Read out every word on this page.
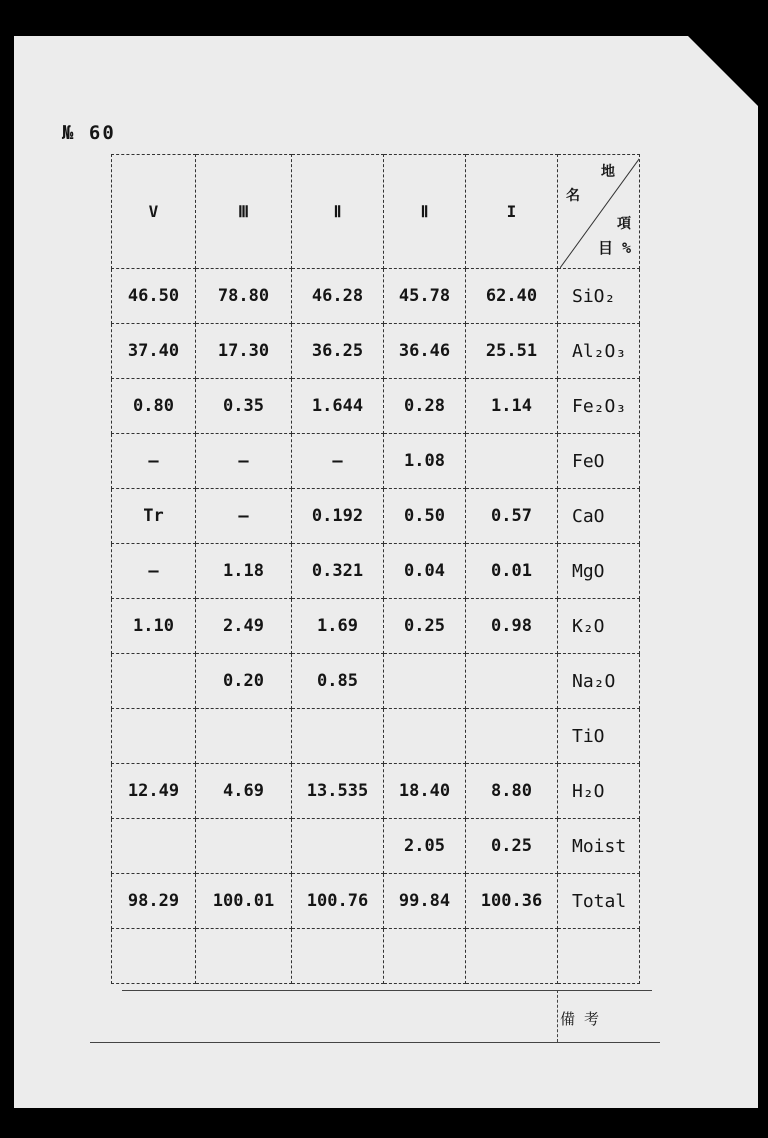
№ 60
V	Ⅲ	Ⅱ	Ⅱ	I	地
名
項
目 %

46.50	78.80	46.28	45.78	62.40	SiO₂
37.40	17.30	36.25	36.46	25.51	Al₂O₃
0.80	0.35	1.644	0.28	1.14	Fe₂O₃
—	—	—	1.08		FeO
Tr	—	0.192	0.50	0.57	CaO
—	1.18	0.321	0.04	0.01	MgO
1.10	2.49	1.69	0.25	0.98	K₂O
	0.20	0.85			Na₂O
					TiO
12.49	4.69	13.535	18.40	8.80	H₂O
			2.05	0.25	Moist
98.29	100.01	100.76	99.84	100.36	Total

備 考
